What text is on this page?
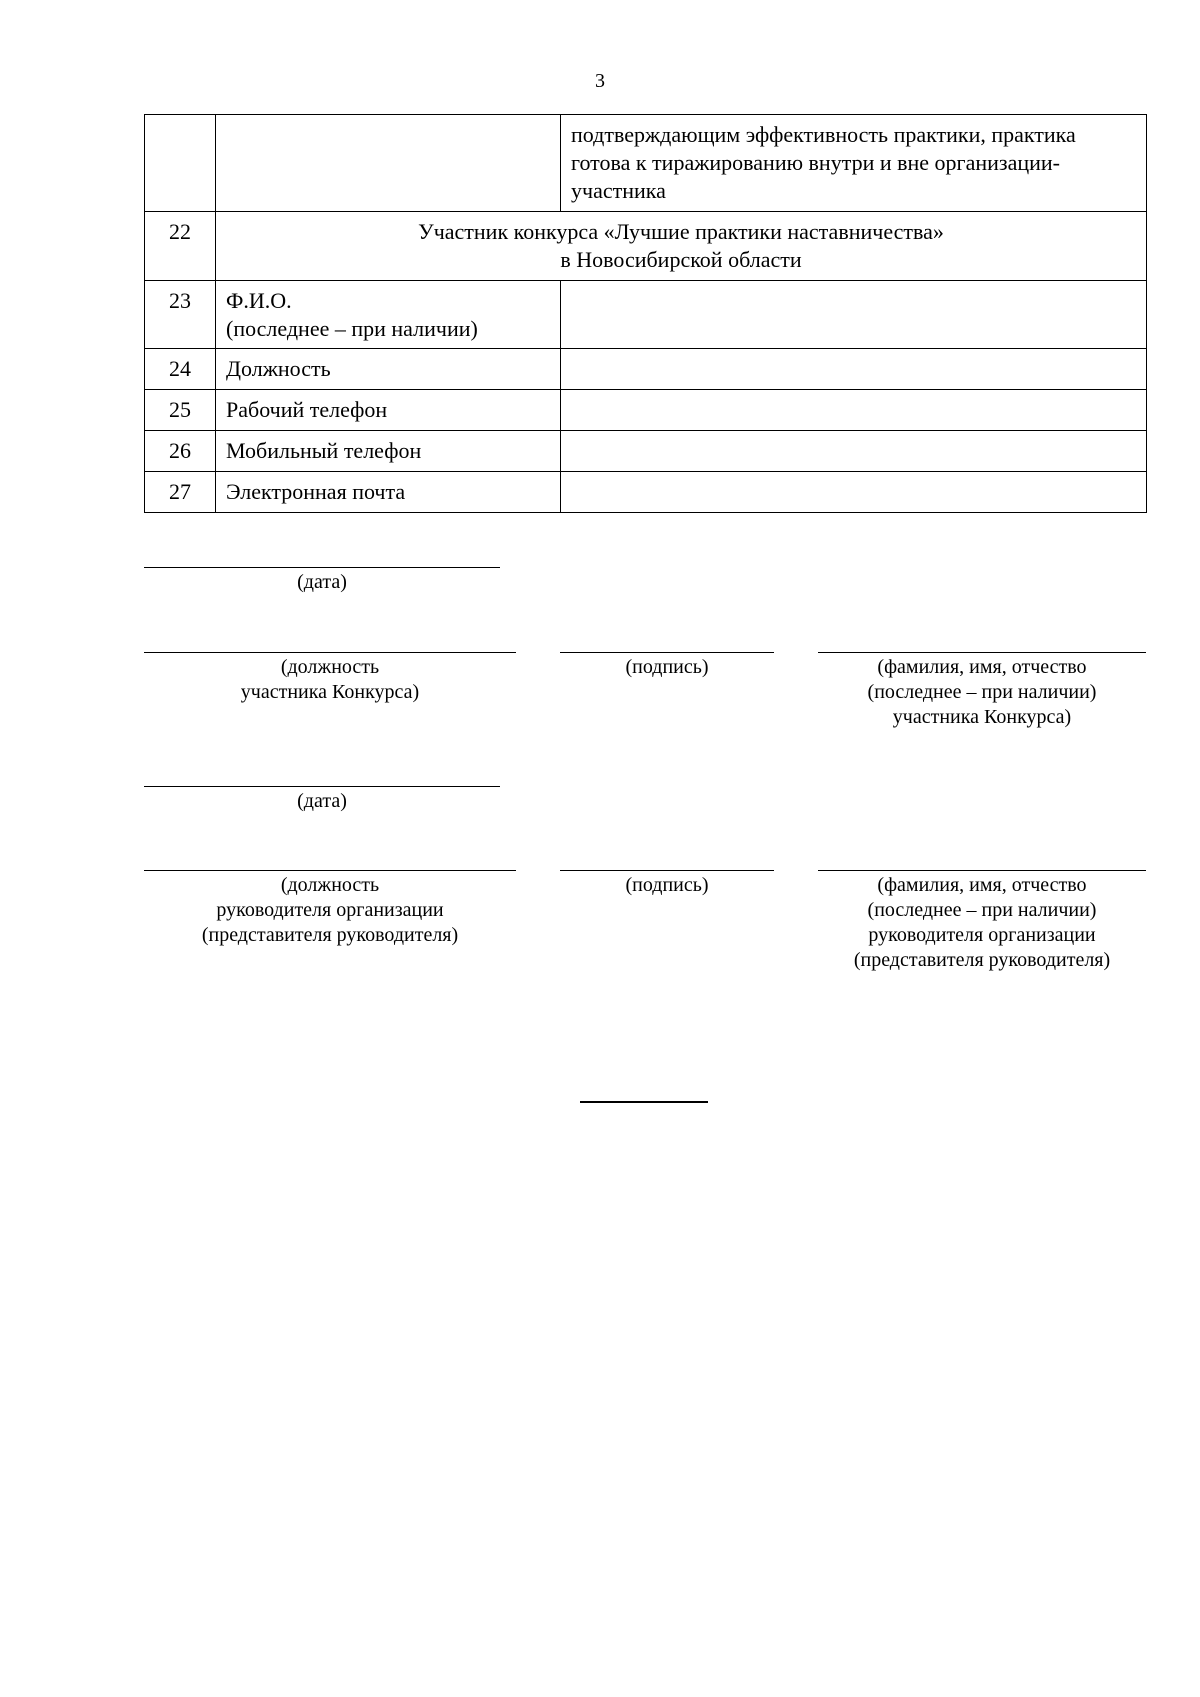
3
		подтверждающим эффективность практики, практика
готова к тиражированию внутри и вне организации-
участника
22	Участник конкурса «Лучшие практики наставничества»
в Новосибирской области	
23	Ф.И.О.
(последнее – при наличии)	
24	Должность	
25	Рабочий телефон	
26	Мобильный телефон	
27	Электронная почта	
(дата)
(должность
участника Конкурса)
(подпись)	(фамилия, имя, отчество
(последнее – при наличии)
участника Конкурса)
(дата)
(должность
руководителя организации
(представителя руководителя)
(подпись)	(фамилия, имя, отчество
(последнее – при наличии)
руководителя организации
(представителя руководителя)
